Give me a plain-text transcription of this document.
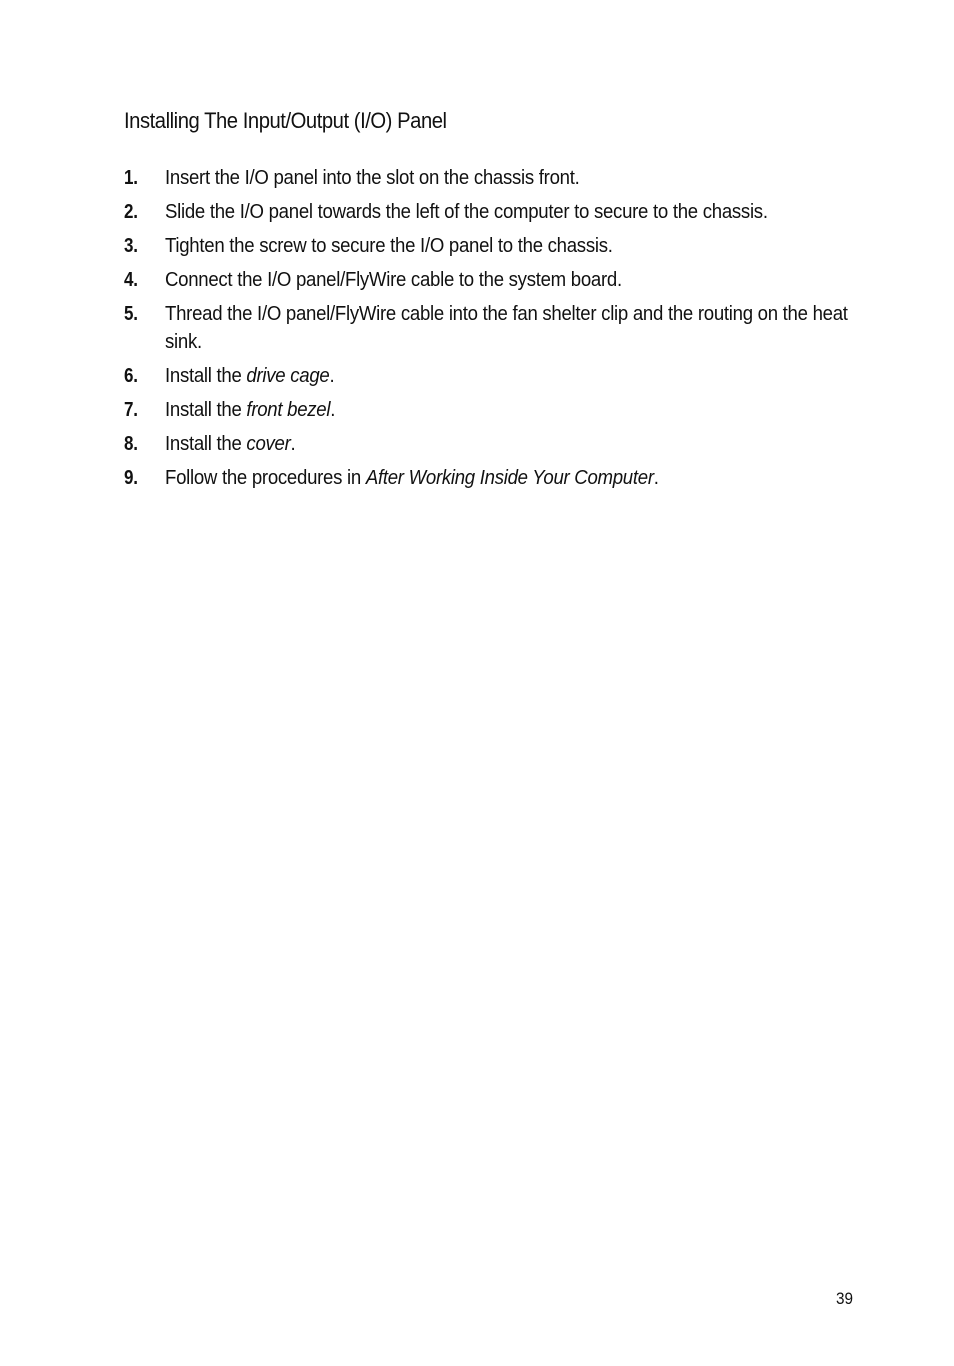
Installing The Input/Output (I/O) Panel
1. Insert the I/O panel into the slot on the chassis front.
2. Slide the I/O panel towards the left of the computer to secure to the chassis.
3. Tighten the screw to secure the I/O panel to the chassis.
4. Connect the I/O panel/FlyWire cable to the system board.
5. Thread the I/O panel/FlyWire cable into the fan shelter clip and the routing on the heat sink.
6. Install the drive cage.
7. Install the front bezel.
8. Install the cover.
9. Follow the procedures in After Working Inside Your Computer.
39
